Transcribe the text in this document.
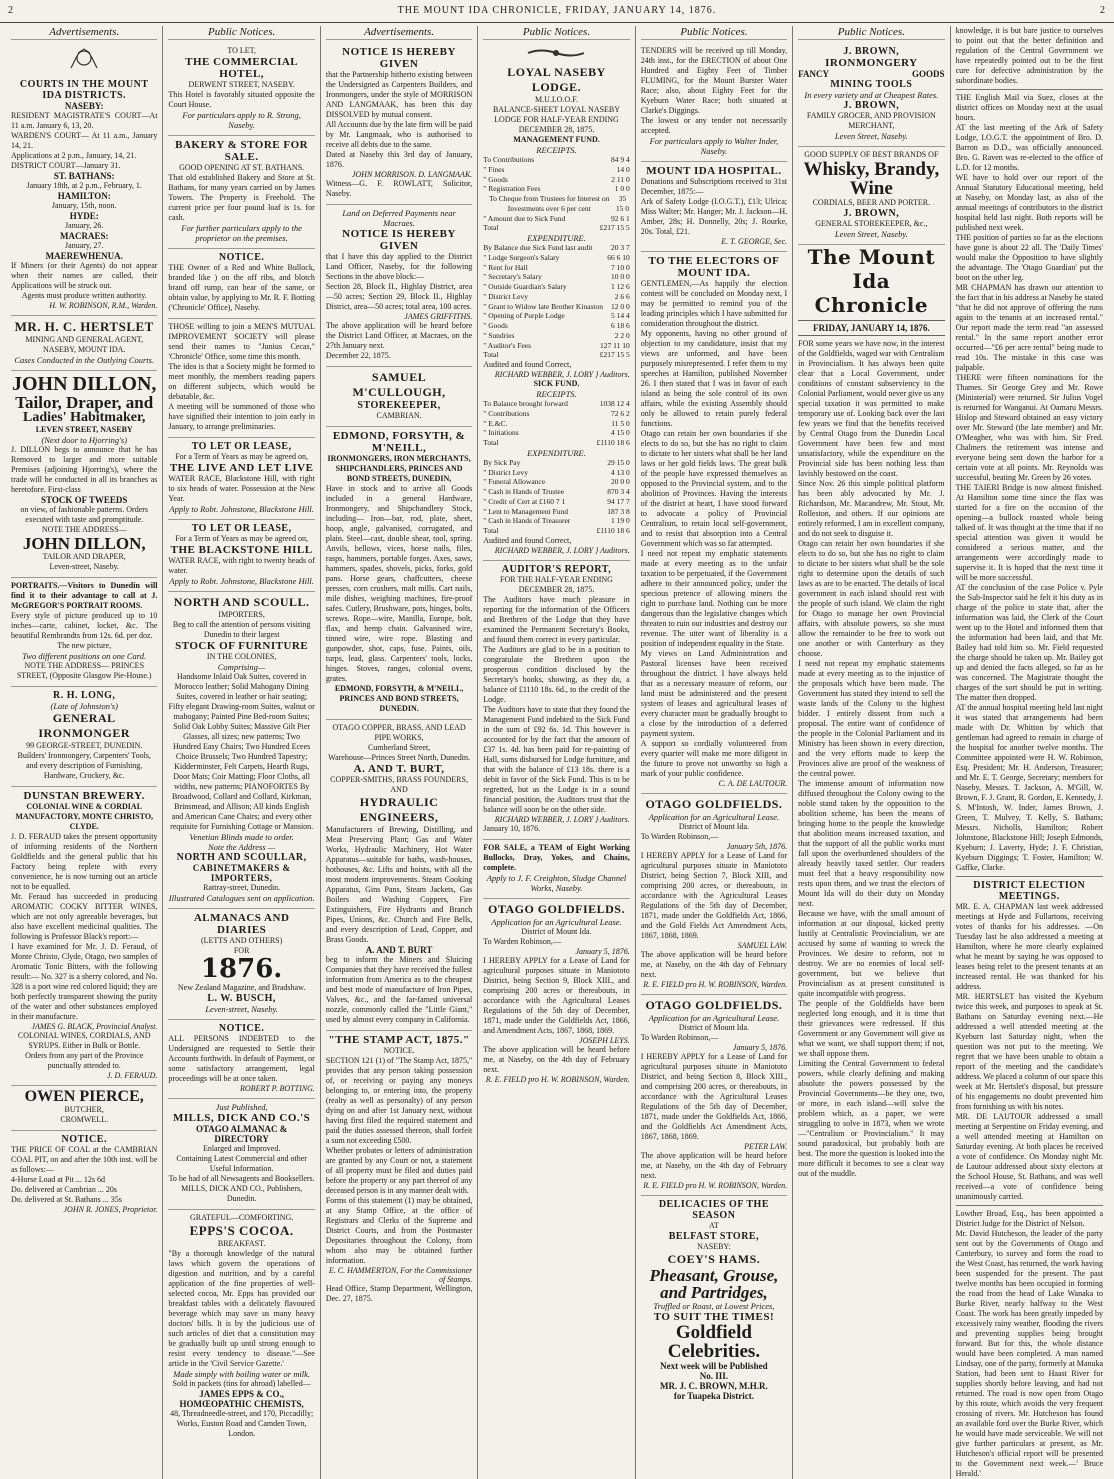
2	THE MOUNT IDA CHRONICLE, FRIDAY, JANUARY 14, 1876.	2
Advertisements.
COURTS IN THE MOUNT IDA DISTRICTS.
NASEBY:
RESIDENT MAGISTRATE'S COURT—At 11 a.m. January 6, 13, 20.
WARDEN'S COURT— At 11 a.m., January 14, 21.
Applications at 2 p.m., January, 14, 21.
DISTRICT COURT—January 31.
ST. BATHANS:
January 18th, at 2 p.m., February, 1.
HAMILTON:
January, 15th, noon.
HYDE:
January, 26.
MACRAES:
January, 27.
MAEREWHENUA.
If Miners (or their Agents) do not appear when their names are called, their Applications will be struck out.
Agents must produce written authority.
H. W. ROBINSON, R.M., Warden.
MR. H. C. HERTSLET
MINING AND GENERAL AGENT,
NASEBY, MOUNT IDA.
Cases Conducted in the Outlying Courts.
JOHN DILLON,
Tailor, Draper, and
Ladies' Habitmaker,
LEVEN STREET, NASEBY
(Next door to Hjorring's)
J. DILLON begs to announce that he has Removed to larger and more suitable Premises (adjoining Hjorring's), where the trade will be conducted in all its branches as heretofore. First-class
STOCK OF TWEEDS
on view, of fashionable patterns. Orders executed with taste and promptitude.
NOTE THE ADDRESS—
JOHN DILLON,
TAILOR AND DRAPER,
Leven-street, Naseby.
PORTRAITS.—Visitors to Dunedin will find it to their advantage to call at J. McGREGOR'S PORTRAIT ROOMS.
Every style of picture produced up to 10 inches—carte, cabinet, locket, &c. The beautiful Rembrandts from 12s. 6d. per doz.
The new picture,
Two different positions on one Card.
NOTE THE ADDRESS— PRINCES STREET, (Opposite Glasgow Pie-House.)
R. H. LONG,
(Late of Johnston's)
GENERAL IRONMONGER
99 GEORGE-STREET, DUNEDIN.
Builders' Ironmongery, Carpenters' Tools, and every description of Furnishing, Hardware, Crockery, &c.
DUNSTAN BREWERY.
COLONIAL WINE & CORDIAL MANUFACTORY, MONTE CHRISTO, CLYDE.
J. D. FERAUD takes the present opportunity of informing residents of the Northern Goldfields and the general public that his Factory being replete with every convenience, he is now turning out an article not to be equalled.
Mr. Feraud has succeeded in producing AROMATIC COCKY BITTER WINES, which are not only agreeable beverages, but also have excellent medicinal qualities. The following is Professor Black's report:—
I have examined for Mr. J. D. Feraud, of Monte Christo, Clyde, Otago, two samples of Aromatic Tonic Bitters, with the following result:— No. 327 is a sherry colored, and No. 328 is a port wine red colored liquid; they are both perfectly transparent showing the purity of the water and other substances employed in their manufacture.
JAMES G. BLACK, Provincial Analyst.
COLONIAL WINES, CORDIALS, AND SYRUPS. Either in Bulk or Bottle.
Orders from any part of the Province punctually attended to.
J. D. FERAUD.
OWEN PIERCE,
BUTCHER,
CROMWELL.
NOTICE.
THE PRICE OF COAL at the CAMBRIAN COAL PIT, on and after the 10th inst. will be as follows:—
4-Horse Load at Pit ... 12s 6d
Do. delivered at Cambrian ... 20s
Do. delivered at St. Bathans ... 35s
JOHN R. JONES, Proprietor.
Public Notices.
TO LET,
THE COMMERCIAL HOTEL,
DERWENT STREET, NASEBY.
This Hotel is favorably situated opposite the Court House.
For particulars apply to R. Strong, Naseby.
BAKERY & STORE FOR SALE.
GOOD OPENING AT ST. BATHANS.
That old established Bakery and Store at St. Bathans, for many years carried on by James Towers. The Property is Freehold. The current price per four pound loaf is 1s. for cash.
For further particulars apply to the proprietor on the premises.
NOTICE.
THE Owner of a Red and White Bullock, branded like ) on the off ribs, and blotch brand off rump, can hear of the same, or obtain value, by applying to Mr. R. F. Botting ('Chronicle' Office), Naseby.
THOSE willing to join a MEN'S MUTUAL IMPROVEMENT SOCIETY will please send their names to "Junius Cecas," 'Chronicle' Office, some time this month.
The idea is that a Society might be formed to meet monthly, the members reading papers on different subjects, which would be debatable, &c.
A meeting will be summoned of those who have signified their intention to join early in January, to arrange preliminaries.
TO LET OR LEASE,
For a Term of Years as may be agreed on,
THE LIVE AND LET LIVE
WATER RACE, Blackstone Hill, with right to six heads of water. Possession at the New Year.
Apply to Robt. Johnstone, Blackstone Hill.
TO LET OR LEASE,
For a Term of Years as may be agreed on,
THE BLACKSTONE HILL
WATER RACE, with right to twenty heads of water.
Apply to Robt. Johnstone, Blackstone Hill.
NORTH AND SCOULL.
IMPORTERS,
Beg to call the attention of persons visiting Dunedin to their largest
STOCK OF FURNITURE
IN THE COLONIES,
Comprising—
Handsome Inlaid Oak Suites, covered in Morocco leather; Solid Mahogany Dining Suites, covered in leather or hair seating; Fifty elegant Drawing-room Suites, walnut or mahogany; Painted Pine Bed-room Suites; Solid Oak Lobby Suites; Massive Gilt Pier Glasses, all sizes; new patterns; Two Hundred Easy Chairs; Two Hundred Ecees Choice Brussels; Two Hundred Tapestry; Kidderminster, Felt Carpets, Hearth Rugs, Door Mats; Coir Matting; Floor Cloths, all widths, new patterns; PIANOFORTES By Broadwood, Collard and Collard, Kirkman, Brinsmead, and Allison; All kinds English and American Cane Chairs; and every other requisite for Furnishing Cottage or Mansion.
Venetian Blinds made to order.
Note the Address —
NORTH AND SCOULLAR,
CABINETMAKERS & IMPORTERS,
Rattray-street, Dunedin.
Illustrated Catalogues sent on application.
ALMANACS AND DIARIES
(LETTS AND OTHERS)
FOR
1876.
New Zealand Magazine, and Bradshaw.
L. W. BUSCH,
Leven-street, Naseby.
NOTICE.
ALL PERSONS INDEBTED to the Undersigned are requested to Settle their Accounts forthwith. In default of Payment, or some satisfactory arrangement, legal proceedings will be at once taken.
ROBERT P. BOTTING.
Just Published,
MILLS, DICK AND CO.'S
OTAGO ALMANAC & DIRECTORY
Enlarged and Improved.
Containing Latest Commercial and other Useful Information.
To be had of all Newsagents and Booksellers.
MILLS, DICK AND CO., Publishers, Dunedin.
GRATEFUL—COMFORTING.
EPPS'S COCOA.
BREAKFAST.
"By a thorough knowledge of the natural laws which govern the operations of digestion and nutrition, and by a careful application of the fine properties of well-selected cocoa, Mr. Epps has provided our breakfast tables with a delicately flavoured beverage which may save us many heavy doctors' bills. It is by the judicious use of such articles of diet that a constitution may be gradually built up until strong enough to resist every tendency to disease."—See article in the 'Civil Service Gazette.'
Made simply with boiling water or milk.
Sold in packets (tins for abroad) labelled—
JAMES EPPS & CO., HOMŒOPATHIC CHEMISTS,
48, Threadneedle-street, and 170, Piccadilly; Works, Euston Road and Camden Town, London.
Advertisements.
NOTICE IS HEREBY GIVEN
that the Partnership hitherto existing between the Undersigned as Carpenters Builders, and Ironmongers, under the style of MORRISON AND LANGMAAK, has been this day DISSOLVED by mutual consent.
All Accounts due by the late firm will be paid by Mr. Langmaak, who is authorised to receive all debts due to the same.
Dated at Naseby this 3rd day of January, 1876.
JOHN MORRISON. D. LANGMAAK.
Witness—G. F. ROWLATT, Solicitor, Naseby.
Land on Deferred Payments near Macraes.
NOTICE IS HEREBY GIVEN
that I have this day applied to the District Land Officer, Naseby, for the following Sections in the above block:—
Section 28, Block II., Highlay District, area—50 acres; Section 29, Block II., Highlay District, area—50 acres; total area, 100 acres.
JAMES GRIFFITHS.
The above application will be heard before the District Land Officer, at Macraes, on the 27th January next.
December 22, 1875.
SAMUEL M'CULLOUGH,
STOREKEEPER,
CAMBRIAN.
EDMOND, FORSYTH, & M'NEILL,
IRONMONGERS, IRON MERCHANTS, SHIPCHANDLERS, PRINCES AND BOND STREETS, DUNEDIN,
Have in stock and to arrive all Goods included in a general Hardware, Ironmongery, and Shipchandlery Stock, including— Iron—bar, rod, plate, sheet, hoop, angle, galvanised, corrugated, and plain. Steel—cast, double shear, tool, spring. Anvils, bellows, vices, horse nails, files, rasps, hammers, portable forges. Axes, saws, hammers, spades, shovels, picks, forks, gold pans. Horse gears, chaffcutters, cheese presses, corn crushers, malt mills. Cart nails, mile dishes, weighing machines, fire-proof safes. Cutlery, Brushware, pots, hinges, bolts, screws. Rope—wire, Manilla, Europe, bolt, flax, and hemp chain. Galvanised wire, tinned wire, wire rope. Blasting and gunpowder, shot, caps, fuse. Paints, oils, turps, lead, glass. Carpenters' tools, locks, hinges. Stoves, ranges, colonial ovens, grates.
EDMOND, FORSYTH, & M'NEILL, PRINCES AND BOND STREETS, DUNEDIN.
OTAGO COPPER, BRASS, AND LEAD PIPE WORKS,
Cumberland Street,
Warehouse—Princes Street North, Dunedin.
A. AND T. BURT,
COPPER-SMITHS, BRASS FOUNDERS, AND
HYDRAULIC ENGINEERS,
Manufacturers of Brewing, Distilling, and Meat Preserving Plant; Gas and Water Works, Hydraulic Machinery, Hot Water Apparatus—suitable for baths, wash-houses, hothouses, &c. Lifts and hoists, with all the most modern improvements. Steam Cooking Apparatus, Gins Pans, Steam Jackets, Gas Boilers and Washing Coppers, Fire Extinguishers, Fire Hydrants and Branch Pipes, Unions, &c. Church and Fire Bells, and every description of Lead, Copper, and Brass Goods.
A. AND T. BURT
beg to inform the Miners and Sluicing Companies that they have received the fullest information from America as to the cheapest and best mode of manufacture of Iron Pipes, Valves, &c., and the far-famed universal nozzle, commonly called the "Little Giant," used by almost every company in California.
"THE STAMP ACT, 1875."
NOTICE.
SECTION 121 (1) of "The Stamp Act, 1875," provides that any person taking possession of, or receiving or paying any moneys belonging to, or entering into, the property (realty as well as personalty) of any person dying on and after 1st January next, without having first filed the required statement and paid the duties assessed thereon, shall forfeit a sum not exceeding £500.
Whether probates or letters of administration are granted by any Court or not, a statement of all property must be filed and duties paid before the property or any part thereof of any deceased person is in any manner dealt with.
Forms of this statement (1) may be obtained, at any Stamp Office, at the office of Registrars and Clerks of the Supreme and District Courts, and from the Postmaster Depositaries throughout the Colony, from whom also may be obtained further information.
E. C. HAMMERTON, For the Commissioner of Stamps.
Head Office, Stamp Department, Wellington, Dec. 27, 1875.
Public Notices.
LOYAL NASEBY LODGE.
M.U.I.O.O.F.
BALANCE-SHEET LOYAL NASEBY LODGE FOR HALF-YEAR ENDING DECEMBER 28, 1875.
MANAGEMENT FUND.
RECEIPTS.
To Contributions	84 9 4
" Fines	14 0
" Goods	2 11 0
" Registration Fees	1 0 0
To Cheque from Trustees for Interest on Investments over 6 per cent
35 15 0
" Amount due to Sick Fund	92 6 1
Total	£217 15 5
EXPENDITURE.
By Balance due Sick Fund last audit 20 3 7
" Lodge Surgeon's Salary	66 6 10
" Rent for Hall	7 10 0
" Secretary's Salary	10 0 0
" Outside Guardian's Salary	1 12 6
" District Levy	2 6 6
" Grant to Widow late Brother Kinaston 12 0 0
" Opening of Purple Lodge	5 14 4
" Goods	6 18 6
" Sundries	2 2 0
" Auditor's Fees	127 11 10
Total	£217 15 5
Audited and found Correct,
RICHARD WEBBER, J. LORY } Auditors.
SICK FUND.
RECEIPTS.
To Balance brought forward	1038 12 4
" Contributions	72 6 2
" E.&C.	11 5 0
" Initiations	4 15 0
Total	£1110 18 6
EXPENDITURE.
By Sick Pay	29 15 0
" District Levy	4 13 0
" Funeral Allowance	20 0 0
" Cash in Hands of Trustee	870 3 4
" Credit of Cert at £160 7 1	94 17 7
" Lent to Management Fund	187 3 8
" Cash in Hands of Treasurer	1 19 0
Total	£1110 18 6
Audited and found Correct,
RICHARD WEBBER, J. LORY } Auditors.
AUDITOR'S REPORT,
FOR THE HALF-YEAR ENDING DECEMBER 28, 1875.
The Auditors have much pleasure in reporting for the information of the Officers and Brethren of the Lodge that they have examined the Permanent Secretary's Books, and found them correct in every particular.
The Auditors are glad to be in a position to congratulate the Brethren upon the prosperous condition disclosed by the Secretary's books, showing, as they do, a balance of £1110 18s. 6d., to the credit of the Lodge.
The Auditors have to state that they found the Management Fund indebted to the Sick Fund in the sum of £92 6s. 1d. This however is accounted for by the fact that the amount of £37 1s. 4d. has been paid for re-painting of Hall, sums disbursed for Lodge furniture, and that with the balance of £13 18s. there is a debit in favor of the Sick Fund. This is to be regretted, but as the Lodge is in a sound financial position, the Auditors trust that the balance will soon be on the other side.
RICHARD WEBBER, J. LORY } Auditors.
January 10, 1876.
FOR SALE, a TEAM of Eight Working Bullocks, Dray, Yokes, and Chains, complete.
Apply to J. F. Creighton, Sludge Channel Works, Naseby.
OTAGO GOLDFIELDS.
Application for an Agricultural Lease.
District of Mount Ida.
To Warden Robinson,—
January 5, 1876.
I HEREBY APPLY for a Lease of Land for agricultural purposes situate in Maniototo District, being Section 9, Block XIII., and comprising 200 acres or thereabouts, in accordance with the Agricultural Leases Regulations of the 5th day of December, 1871, made under the Goldfields Act, 1866, and Amendment Acts, 1867, 1868, 1869.
JOSEPH LEYS.
The above application will be heard before me, at Naseby, on the 4th day of February next.
R. E. FIELD pro H. W. ROBINSON, Warden.
Public Notices.
TENDERS will be received up till Monday, 24th inst., for the ERECTION of about One Hundred and Eighty Feet of Timber FLUMING, for the Mount Burster Water Race; also, about Eighty Feet for the Kyeburn Water Race; both situated at Clarke's Diggings.
The lowest or any tender not necessarily accepted.
For particulars apply to Walter Inder, Naseby.
MOUNT IDA HOSPITAL.
Donations and Subscriptions received to 31st December, 1875:—
Ark of Safety Lodge (I.O.G.T.), £13; Ulrica; Miss Walter; Mr. Hanger; Mr. J. Jackson—H. Amber, 28s; H. Donnelly, 20s; J. Rourke, 20s. Total, £21.
E. T. GEORGE, Sec.
TO THE ELECTORS OF MOUNT IDA.
GENTLEMEN,—As happily the election contest will be concluded on Monday next, I may be permitted to remind you of the leading principles which I have submitted for consideration throughout the district.
My opponents, having no other ground of objection to my candidature, insist that my views are unformed, and have been purposely misrepresented. I refer them to my speeches at Hamilton, published November 26. I then stated that I was in favor of each island as being the sole control of its own affairs, while the existing Assembly should only be allowed to retain purely federal functions.
Otago can retain her own boundaries if she elects to do so, but she has no right to claim to dictate to her sisters what shall be her land laws or her gold fields laws. The great bulk of the people have expressed themselves as opposed to the Provincial system, and to the abolition of Provinces. Having the interests of the district at heart, I have stood forward to advocate a policy of Provincial Centralism, to retain local self-government, and to resist that absorption into a Central Government which was so far attempted.
I need not repeat my emphatic statements made at every meeting as to the unfair taxation to be perpetuated, if the Government adhere to their announced policy, under the specious pretence of allowing miners the right to purchase land. Nothing can be more dangerous than the legislative changes which threaten to ruin our industries and destroy our revenue. The utter want of liberality is a position of independent equality in the State.
My views on Land Administration and Pastoral licenses have been received throughout the district. I have always held that as a necessary measure of reform, our land must be administered and the present system of leases and agricultural leases of every character must be gradually brought to a close by the introduction of a deferred payment system.
A support so cordially volunteered from every quarter will make me more diligent in the future to prove not unworthy so high a mark of your public confidence.
C. A. DE LAUTOUR.
OTAGO GOLDFIELDS.
Application for an Agricultural Lease.
District of Mount Ida.
To Warden Robinson,—
January 5th, 1876.
I HEREBY APPLY for a Lease of Land for agricultural purposes situate in Maniototo District, being Section 7, Block XIII, and comprising 200 acres, or thereabouts, in accordance with the Agricultural Leases Regulations of the 5th day of December, 1871, made under the Goldfields Act, 1866, and the Gold Fields Act Amendment Acts, 1867, 1868, 1869.
SAMUEL LAW.
The above application will be heard before me, at Naseby, on the 4th day of February next.
R. E. FIELD pro H. W. ROBINSON, Warden.
OTAGO GOLDFIELDS.
Application for an Agricultural Lease.
District of Mount Ida.
To Warden Robinson,—
January 5, 1876.
I HEREBY APPLY for a Lease of Land for agricultural purposes situate in Maniototo District, and being Section 8, Block XIII., and comprising 200 acres, or thereabouts, in accordance with the Agricultural Leases Regulations of the 5th day of December, 1871, made under the Goldfields Act, 1866, and the Goldfields Act Amendment Acts, 1867, 1868, 1869.
PETER LAW.
The above application will be heard before me, at Naseby, on the 4th day of February next.
R. E. FIELD pro H. W. ROBINSON, Warden.
DELICACIES OF THE SEASON
AT
BELFAST STORE,
NASEBY:
COEY'S HAMS.
Pheasant, Grouse, and Partridges,
Truffled or Roast, at Lowest Prices,
TO SUIT THE TIMES!
Goldfield Celebrities.
Next week will be Published
No. III.
MR. J. C. BROWN, M.H.R.
for Tuapeka District.
Public Notices.
J. BROWN,
IRONMONGERY
FANCY	GOODS
MINING TOOLS
In every variety and at Cheapest Rates.
J. BROWN,
FAMILY GROCER, AND PROVISION MERCHANT,
Leven Street, Naseby.
GOOD SUPPLY OF BEST BRANDS OF
Whisky, Brandy, Wine
CORDIALS, BEER AND PORTER.
J. BROWN,
GENERAL STOREKEEPER, &c.,
Leven Street, Naseby.
The Mount Ida Chronicle
FRIDAY, JANUARY 14, 1876.
FOR some years we have now, in the interest of the Goldfields, waged war with Centralism in Provincialism. It has always been quite clear that a Local Government, under conditions of constant subserviency to the Colonial Parliament, would never give us any special taxation it was permitted to make temporary use of. Looking back over the last few years we find that the benefits received by Central Otago from the Dunedin Local Government have been few and most unsatisfactory, while the expenditure on the Provincial side has been nothing less than lavishly bestowed on the coast.
Since Nov. 26 this simple political platform has been ably advocated by Mr. J. Richardson, Mr. Macandrew, Mr. Stout, Mr. Rolleston, and others. If our opinions are entirely reformed, I am in excellent company, and do not seek to disguise it.
Otago can retain her own boundaries if she elects to do so, but she has no right to claim to dictate to her sisters what shall be the sole right to determine upon the details of such laws as are to be enacted. The details of local government in each island should rest with the people of such island. We claim the right for Otago to manage her own Provincial affairs, with absolute powers, so she must allow the remainder to be free to work out one another or with Canterbury as they choose.
I need not repeat my emphatic statements made at every meeting as to the injustice of the proposals which have been made. The Government has stated they intend to sell the waste lands of the Colony to the highest bidder. I entirely dissent from such a proposal. The entire want of confidence of the people in the Colonial Parliament and its Ministry has been shown in every direction, and the very efforts made to keep the Provinces alive are proof of the weakness of the central power.
The immense amount of information now diffused throughout the Colony owing to the noble stand taken by the opposition to the abolition scheme, has been the means of bringing home to the people the knowledge that abolition means increased taxation, and that the support of all the public works must fall upon the overburdened shoulders of the already heavily taxed settler. Our readers must feel that a heavy responsibility now rests upon them, and we trust the electors of Mount Ida will do their duty on Monday next.
Because we have, with the small amount of information at our disposal, kicked pretty lustily at Centralistic Provincialism, we are accused by some of wanting to wreck the Provinces. We desire to reform, not to destroy. We are no enemies of local self-government, but we believe that Provincialism as at present constituted is quite incompatible with progress.
The people of the Goldfields have been neglected long enough, and it is time that their grievances were redressed. If this Government or any Government will give us what we want, we shall support them; if not, we shall oppose them.
Limiting the Central Government to federal powers, while clearly defining and making absolute the powers possessed by the Provincial Governments—be they one, two, or more, in each island—will solve the problem which, as a paper, we were struggling to solve in 1873, when we wrote—"Centralism or Provincialism." It may sound paradoxical, but probably both are best. The more the question is looked into the more difficult it becomes to see a clear way out of the muddle.
knowledge, it is but bare justice to ourselves to point out that the better definition and regulation of the Central Government we have repeatedly pointed out to be the first cure for defective administration by the subordinate bodies.
THE English Mail via Suez, closes at the district offices on Monday next at the usual hours.
AT the last meeting of the Ark of Safety Lodge, I.O.G.T. the appointment of Bro. D. Barron as D.D., was officially announced. Bro. G. Raven was re-elected to the office of L.D. for 12 months.
WE have to hold over our report of the Annual Statutory Educational meeting, held at Naseby, on Monday last, as also of the annual meetings of contributors to the district hospital held last night. Both reports will be published next week.
THE position of parties so far as the elections have gone is about 22 all. The 'Daily Times' would make the Opposition to have slightly the advantage. The 'Otago Guardian' put the boot on the other leg.
MR CHAPMAN has drawn our attention to the fact that in his address at Naseby he stated "that he did not approve of offering the runs again to the tenants at an increased rental." Our report made the term read "an assessed rental." In the same report another error occurred—"£6 per acre rental" being made to read 10s. The mistake in this case was palpable.
THERE were fifteen nominations for the Thames. Sir George Grey and Mr. Rowe (Ministerial) were returned. Sir Julius Vogel is returned for Wanganui. At Oamaru Messrs. Hislop and Steward obtained an easy victory over Mr. Steward (the late member) and Mr. O'Meagher, who was with him. Sir Fred. Chalmers the retirement was intense and everyone being sent down the harbor for a certain vote at all points. Mr. Reynolds was successful, beating Mr. Green by 26 votes.
THE TAIERI Bridge is now almost finished. At Hamilton some time since the flax was started for a fire on the occasion of the opening—a bullock roasted whole being talked of. It was thought at the time that if no special attention was given it would be considered a serious matter, and the arrangements were accordingly made to supervise it. It is hoped that the next time it will be more successful.
AT the conclusion of the case Police v. Pyle the Sub-Inspector said he felt it his duty as in charge of the police to state that, after the information was laid, the Clerk of the Court went up to the Hotel and informed them that the information had been laid, and that Mr. Bailey had told him so. Mr. Field requested the charge should be taken up. Mr. Bailey got up and denied the facts alleged, so far as he was concerned. The Magistrate thought the charges of the sort should be put in writing. The matter then dropped.
AT the annual hospital meeting held last night it was stated that arrangements had been made with Dr. Whitton by which that gentleman had agreed to remain in charge of the hospital for another twelve months. The Committee appointed were H. W. Robinson, Esq. President; Mr. H. Anderson, Treasurer; and Mr. E. T. George, Secretary; members for Naseby, Messrs. T. Jackson, A. M'Gill, W. Brown, F. J. Grant, R. Gordon, E. Kennedy, J. S. M'Intosh, W. Inder, James Brown, J. Green, T. Mulvey, T. Kelly, S. Bathans; Messrs. Nicholls, Hamilton; Robert Johnstone, Blackstone Hill; Joseph Edmonds, Kyeburn; J. Laverty, Hyde; J. F. Christian, Kyeburn Diggings; T. Foster, Hamilton; W. Gaffke, Clarke.
DISTRICT ELECTION MEETINGS.
MR. E. A. CHAPMAN last week addressed meetings at Hyde and Fullartons, receiving votes of thanks for his addresses. —On Tuesday last he also addressed a meeting at Hamilton, where he more clearly explained what he meant by saying he was opposed to leases being relet to the present tenants at an increased rental. He was thanked for his address.
MR. HERTSLET has visited the Kyeburn twice this week, and purposes to speak at St. Bathans on Saturday evening next.—He addressed a well attended meeting at the Kyeburn last Saturday night, when the question was not put to the meeting. We regret that we have been unable to obtain a report of the meeting and the candidate's address. We placed a column of our space this week at Mr. Hertslet's disposal, but pressure of his engagements no doubt prevented him from furnishing us with his notes.
MR. DE LAUTOUR addressed a small meeting at Serpentine on Friday evening, and a well attended meeting at Hamilton on Saturday evening. At both places he received a vote of confidence. On Monday night Mr. de Lautour addressed about sixty electors at the School House, St. Bathans, and was well received—a vote of confidence being unanimously carried.
Lowther Broad, Esq., has been appointed a District Judge for the District of Nelson.
Mr. David Hutcheson, the leader of the party sent out by the Governments of Otago and Canterbury, to survey and form the road to the West Coast, has returned, the work having been suspended for the present. The past twelve months has been occupied in forming the road from the head of Lake Wanaka to Burke River, nearly halfway to the West Coast. The work has been greatly impeded by excessively rainy weather, flooding the rivers and preventing supplies being brought forward. But for this, the whole distance would have been completed. A man named Lindsay, one of the party, formerly at Manuka Station, had been sent to Haast River for supplies shortly before leaving, and had not returned. The road is now open from Otago by this route, which avoids the very frequent crossing of rivers. Mr. Hutcheson has found an available ford over the Burke River, which he would have made serviceable. We will not give further particulars at present, as Mr. Hutcheson's official report will be presented to the Government next week.—' Bruce Herald.'
